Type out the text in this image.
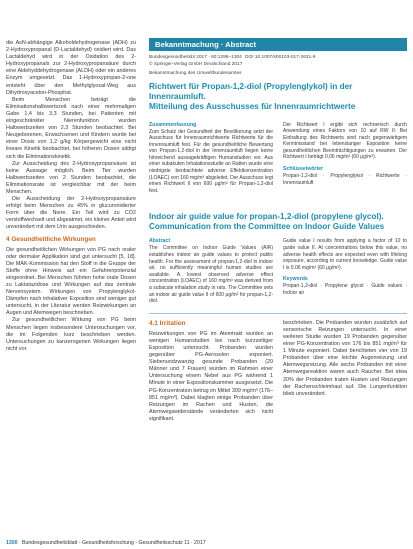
die AsN-abhängige Alkoholdehydrogenase (ADH) zu 2-Hydroxypropanal (D-Lactaldehyd) oxidiert wird. Das Lactaldehyd wird in der Oxidation des 2-Hydroxypropanals zur 2-Hydroxypropansäure durch eine Aldehyddehydrogenase (ALDH) oder ein anderes Enzym umgesetzt. Das 1-Hydroxypropan-2-one entsteht über den Methylglyoxal-Weg aus Dihydroxyaceton-Phosphat.

Beim Menschen beträgt die Eliminationshalbwertszeit nach einer mehrmaligen Gabe 1,4 bis 3,3 Stunden, bei Patienten mit eingeschränkter Nierenfunktion wurden Halbwertszeiten von 2,3 Stunden beobachtet. Bei Neugeborenen, Erwachsenen und Kindern wurde bei einer Dosis von 1,2 g/kg Körpergewicht eine nicht lineare Kinetik beobachtet, bei höheren Dosen sättigt sich die Eliminationskinetik.

Zur Ausscheidung des 2-Hydroxypropansäure ist keine Aussage möglich. Beim Tier wurden Halbwertszeiten von 2 Stunden beobachtet, die Eliminationsrate ist vergleichbar mit der beim Menschen.

Die Ausscheidung der 2-Hydroxypropansäure erfolgt beim Menschen zu 45% in glucuronidierter Form über die Niere. Ein Teil wird zu CO2 verstoffwechselt und abgeatmet, ein kleiner Anteil wird unverändert mit dem Urin ausgeschieden.

4 Gesundheitliche Wirkungen

Die gesundheitlichen Wirkungen von PG nach oraler oder dermaler Applikation sind gut untersucht [5, 18]. Die MAK-Kommission hat den Stoff in die Gruppe der Stoffe ohne Hinweis auf ein Gefahrenpotenzial eingeordnet. Bei Menschen führten hohe orale Dosen zu Laktatazidose und Wirkungen auf das zentrale Nervensystem. Wirkungen von Propylenglykol-Dämpfen nach inhalativer Exposition sind weniger gut untersucht, in der Literatur werden Reizwirkungen an Augen und Atemwegen beschrieben.

Zur gesundheitlichen Wirkung von PG beim Menschen liegen insbesondere Untersuchungen vor, die im Folgenden kurz beschrieben werden. Untersuchungen zu kanzerogenen Wirkungen liegen nicht vor.

Bekanntmachung · Abstract
Bundesgesundheitsbl 2017 · 60:1298–1304 DOI 10.1007/s00103-017-2631-9
© Springer-Verlag GmbH Deutschland 2017
Bekanntmachung des Umweltbundesamtes
Richtwert für Propan-1,2-diol (Propylenglykol) in der Innenraumluft.
Mitteilung des Ausschusses für Innenraumrichtwerte
Zusammenfassung

Zum Schutz der Gesundheit der Bevölkerung setzt der Ausschuss für Innenraumrichtwerte Richtwerte für die Innenraumluft fest. Für die gesundheitliche Bewertung von Propan-1,2-diol in der Innenraumluft liegen keine hinreichend aussagekräftigen Humanstudien vor. Aus einer subakuten Inhalationsstudie an Ratten wurde eine niedrigste beobachtete adverse Effektkonzentration (LOAEC) von 160 mg/m³ abgeleitet. Der Ausschuss legt einen Richtwert II von 600 μg/m³ für Propan-1,2-diol fest.

Der Richtwert I ergibt sich rechnerisch durch Anwendung eines Faktors von 10 auf RW II: Bei Einhaltung des Richtwerts sind nach gegenwärtigem Kenntnisstand bei lebenslanger Exposition keine gesundheitlichen Beeinträchtigungen zu erwarten. Der Richtwert I beträgt 0,06 mg/m³ (60 μg/m³).

Schlüsselwörter

Propan-1,2-diol · Propylenglykol · Richtwerte · Innenraumluft

Indoor air guide value for propan-1,2-diol (propylene glycol).
Communication from the Committee on Indoor Guide Values
Abstract

The Committee on Indoor Guide Values (AIR) establishes indoor air guide values to protect public health. For the assessment of propan-1,2-diol in indoor air, no sufficiently meaningful human studies are available. A lowest observed adverse effect concentration (LOAEC) of 160 mg/m³ was derived from a subacute inhalation study in rats. The Committee sets an indoor air guide value II of 600 μg/m³ for propan-1,2-diol.

Guide value I results from applying a factor of 10 to guide value II. At concentrations below this value, no adverse health effects are expected even with lifelong exposure, according to current knowledge. Guide value I is 0.06 mg/m³ (60 μg/m³).

Keywords

Propan-1,2-diol · Propylene glycol · Guide values · Indoor air

4.1 Irritation

Reizwirkungen von PG im Atemtrakt wurden an wenigen Humanstudien bei nach kurzzeitiger Exposition untersucht. Probanden wurden gegenüber PG-Aerosolen exponiert. Siebenundzwanzig gesunde Probanden (20 Männer und 7 Frauen) wurden im Rahmen einer Untersuchung einem Nebel aus PG während 1 Minute in einer Expositionskammer ausgesetzt. Die PG-Konzentration betrug im Mittel 309 mg/m³ (176–851 mg/m³). Dabei klagten einige Probanden über Reizungen im Rachen und Husten, die Atemwegswiderstände veränderten sich nicht signifikant.

beschrieben. Die Probanden wurden zusätzlich auf sensorische Reizungen untersucht. In einer weiteren Studie wurden 19 Probanden gegenüber einer PG-Konzentration von 176 bis 851 mg/m³ für 1 Minute exponiert. Dabei berichteten vier von 19 Probanden über eine leichte Augenreizung und Atemwegsreizung. Alle sechs Probanden mit einer Atemwegsreaktion waren auch Raucher. Bei etwa 20% der Probanden traten Husten und Reizungen der Rachenschleimhaut auf. Die Lungenfunktion blieb unverändert.

1300 Bundesgesundheitsblatt - Gesundheitsforschung - Gesundheitsschutz 11 · 2017
